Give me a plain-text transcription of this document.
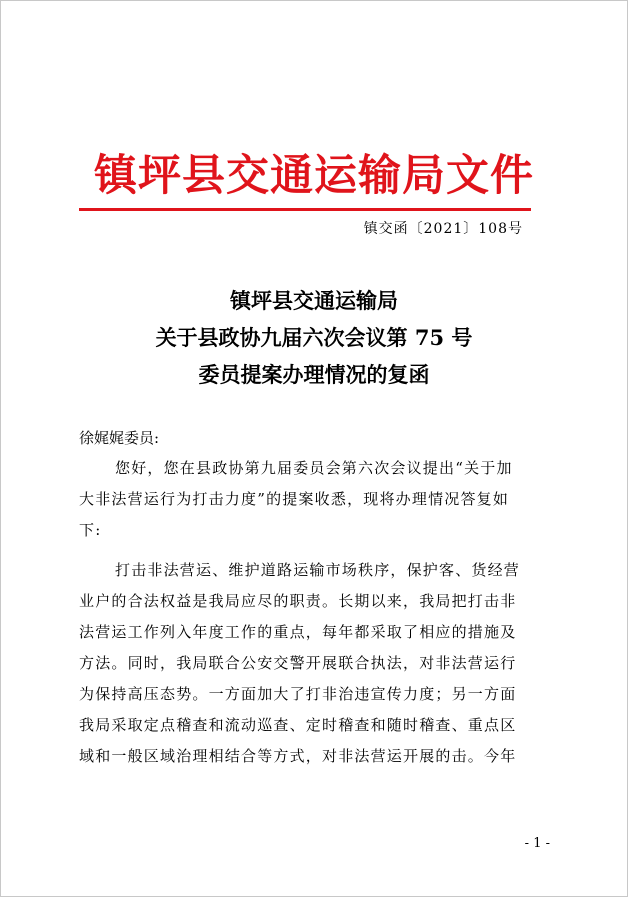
镇坪县交通运输局文件
镇交函〔2021〕108号
镇坪县交通运输局
关于县政协九届六次会议第 75 号
委员提案办理情况的复函
徐娓娓委员:
您好，您在县政协第九届委员会第六次会议提出“关于加
大非法营运行为打击力度”的提案收悉，现将办理情况答复如
下:
打击非法营运、维护道路运输市场秩序，保护客、货经营
业户的合法权益是我局应尽的职责。长期以来，我局把打击非
法营运工作列入年度工作的重点，每年都采取了相应的措施及
方法。同时，我局联合公安交警开展联合执法，对非法营运行
为保持高压态势。一方面加大了打非治违宣传力度；另一方面
我局采取定点稽查和流动巡查、定时稽查和随时稽查、重点区
域和一般区域治理相结合等方式，对非法营运开展的击。今年
- 1 -
